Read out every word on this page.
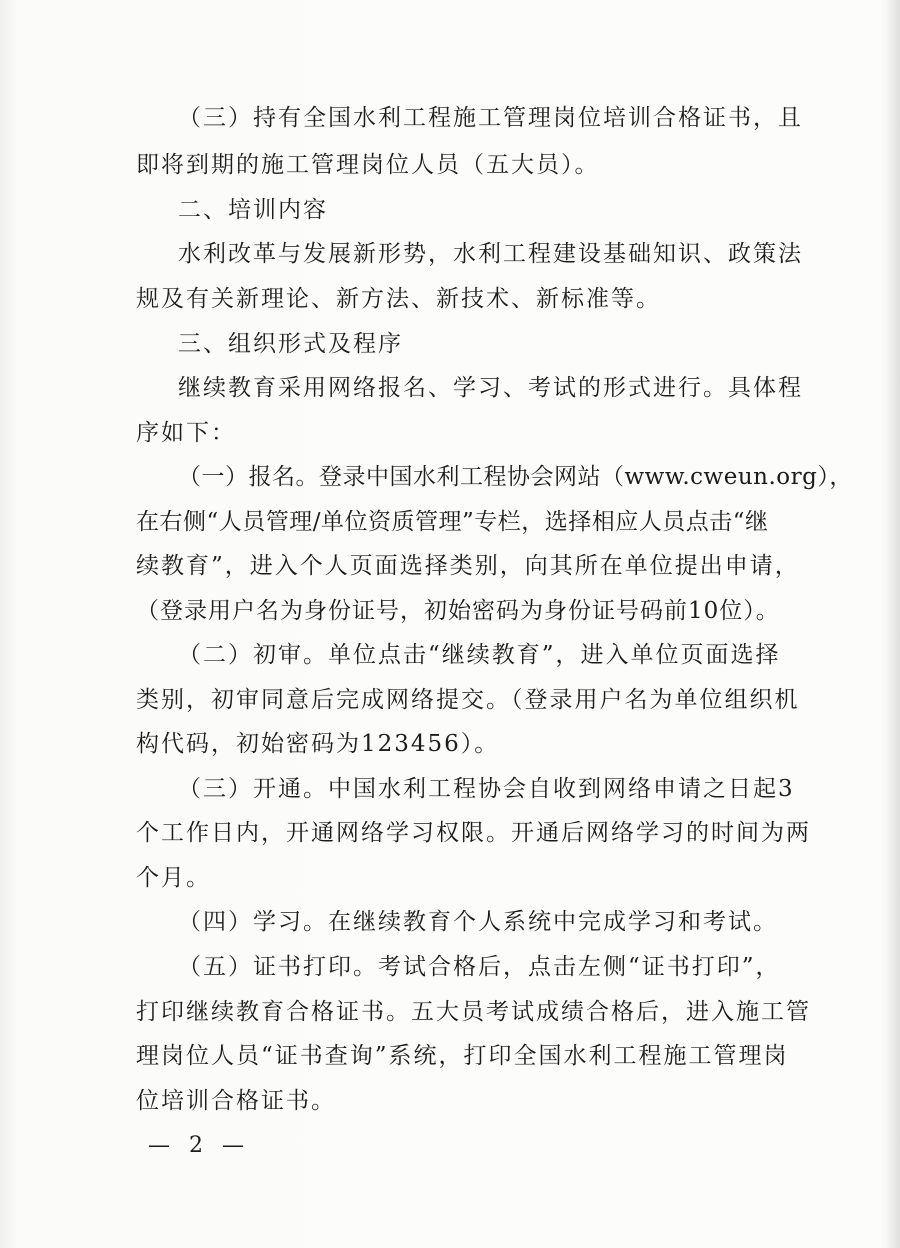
（三）持有全国水利工程施工管理岗位培训合格证书，且
即将到期的施工管理岗位人员（五大员）。
二、培训内容
水利改革与发展新形势，水利工程建设基础知识、政策法
规及有关新理论、新方法、新技术、新标准等。
三、组织形式及程序
继续教育采用网络报名、学习、考试的形式进行。具体程
序如下：
（一）报名。登录中国水利工程协会网站（www.cweun.org），
在右侧“人员管理/单位资质管理”专栏，选择相应人员点击“继
续教育”，进入个人页面选择类别，向其所在单位提出申请，
（登录用户名为身份证号，初始密码为身份证号码前10位）。
（二）初审。单位点击“继续教育”，进入单位页面选择
类别，初审同意后完成网络提交。（登录用户名为单位组织机
构代码，初始密码为123456）。
（三）开通。中国水利工程协会自收到网络申请之日起3
个工作日内，开通网络学习权限。开通后网络学习的时间为两
个月。
（四）学习。在继续教育个人系统中完成学习和考试。
（五）证书打印。考试合格后，点击左侧“证书打印”，
打印继续教育合格证书。五大员考试成绩合格后，进入施工管
理岗位人员“证书查询”系统，打印全国水利工程施工管理岗
位培训合格证书。
— 2 —
